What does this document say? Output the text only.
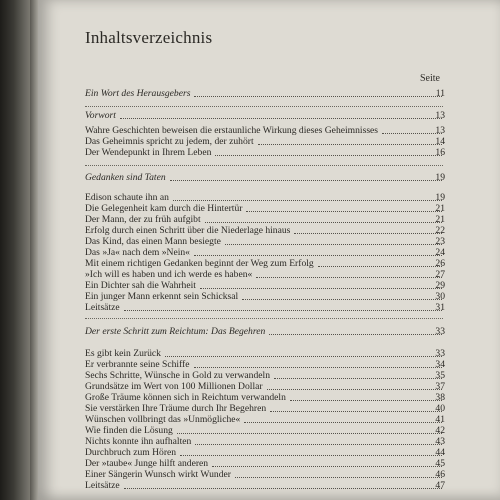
Inhaltsverzeichnis
Seite
Ein Wort des Herausgebers	11
Vorwort	13
Wahre Geschichten beweisen die erstaunliche Wirkung dieses Geheimnisses	13
Das Geheimnis spricht zu jedem, der zuhört	14
Der Wendepunkt in Ihrem Leben	16
Gedanken sind Taten	19
Edison schaute ihn an	19
Die Gelegenheit kam durch die Hintertür	21
Der Mann, der zu früh aufgibt	21
Erfolg durch einen Schritt über die Niederlage hinaus	22
Das Kind, das einen Mann besiegte	23
Das »Ja« nach dem »Nein«	24
Mit einem richtigen Gedanken beginnt der Weg zum Erfolg	26
»Ich will es haben und ich werde es haben«	27
Ein Dichter sah die Wahrheit	29
Ein junger Mann erkennt sein Schicksal	30
Leitsätze	31
Der erste Schritt zum Reichtum: Das Begehren	33
Es gibt kein Zurück	33
Er verbrannte seine Schiffe	34
Sechs Schritte, Wünsche in Gold zu verwandeln	35
Grundsätze im Wert von 100 Millionen Dollar	37
Große Träume können sich in Reichtum verwandeln	38
Sie verstärken Ihre Träume durch Ihr Begehren	40
Wünschen vollbringt das »Unmögliche«	41
Wie finden die Lösung	42
Nichts konnte ihn aufhalten	43
Durchbruch zum Hören	44
Der »taube« Junge hilft anderen	45
Einer Sängerin Wunsch wirkt Wunder	46
Leitsätze	47
